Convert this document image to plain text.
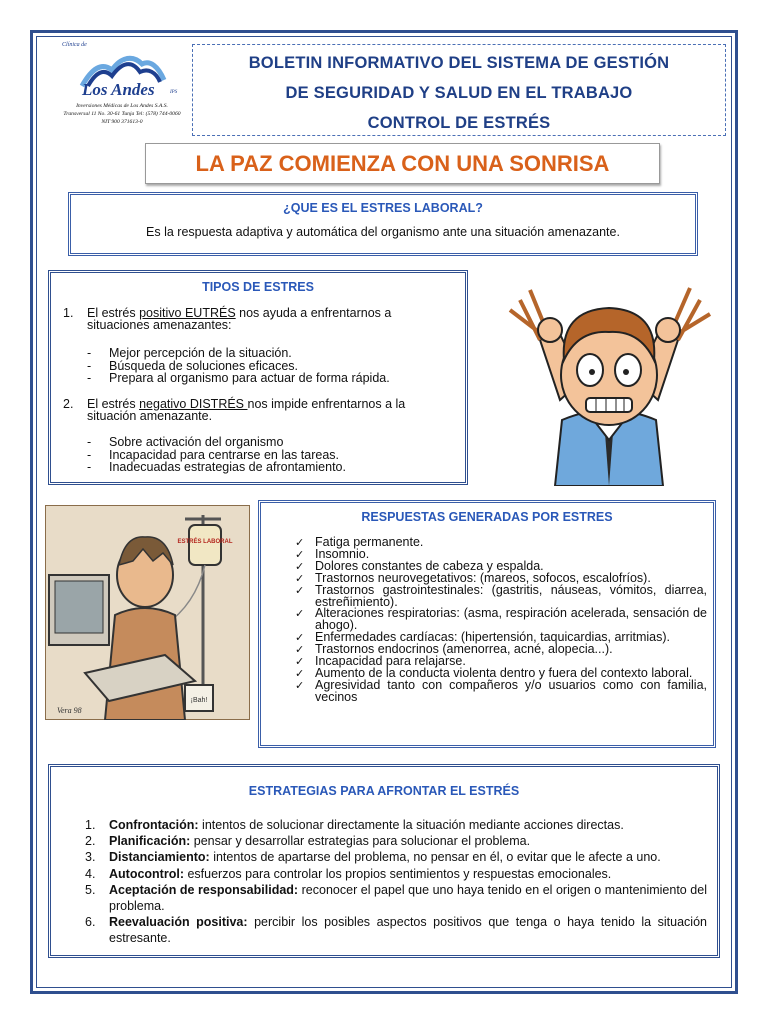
Clínica de
Los Andes	IPS
Inversiones Médicas de Los Andes S.A.S.
Transversal 11 No. 30-61 Tunja Tel: (578) 744-0060
NIT 900 371613-0
BOLETIN INFORMATIVO DEL SISTEMA DE GESTIÓN
DE SEGURIDAD Y SALUD EN EL TRABAJO
CONTROL DE ESTRÉS
LA PAZ COMIENZA CON UNA SONRISA
¿QUE ES EL ESTRES LABORAL?
Es la respuesta adaptiva y automática del organismo ante una situación amenazante.
TIPOS DE ESTRES
1. El estrés positivo EUTRÉS nos ayuda a enfrentarnos a situaciones amenazantes:
- Mejor percepción de la situación.
- Búsqueda de soluciones eficaces.
- Prepara al organismo para actuar de forma rápida.
2. El estrés negativo DISTRÉS nos impide enfrentarnos a la situación amenazante.
- Sobre activación del organismo
- Incapacidad para centrarse en las tareas.
- Inadecuadas estrategias de afrontamiento.
ESTRÉS LABORAL
¡Bah!
Vera 98
RESPUESTAS GENERADAS POR ESTRES
✓ Fatiga permanente.
✓ Insomnio.
✓ Dolores constantes de cabeza y espalda.
✓ Trastornos neurovegetativos: (mareos, sofocos, escalofríos).
✓ Trastornos gastrointestinales: (gastritis, náuseas, vómitos, diarrea, estreñimiento).
✓ Alteraciones respiratorias: (asma, respiración acelerada, sensación de ahogo).
✓ Enfermedades cardíacas: (hipertensión, taquicardias, arritmias).
✓ Trastornos endocrinos (amenorrea, acné, alopecia...).
✓ Incapacidad para relajarse.
✓ Aumento de la conducta violenta dentro y fuera del contexto laboral.
✓ Agresividad tanto con compañeros y/o usuarios como con familia, vecinos
ESTRATEGIAS PARA AFRONTAR EL ESTRÉS
1. Confrontación: intentos de solucionar directamente la situación mediante acciones directas.
2. Planificación: pensar y desarrollar estrategias para solucionar el problema.
3. Distanciamiento: intentos de apartarse del problema, no pensar en él, o evitar que le afecte a uno.
4. Autocontrol: esfuerzos para controlar los propios sentimientos y respuestas emocionales.
5. Aceptación de responsabilidad: reconocer el papel que uno haya tenido en el origen o mantenimiento del problema.
6. Reevaluación positiva: percibir los posibles aspectos positivos que tenga o haya tenido la situación estresante.
